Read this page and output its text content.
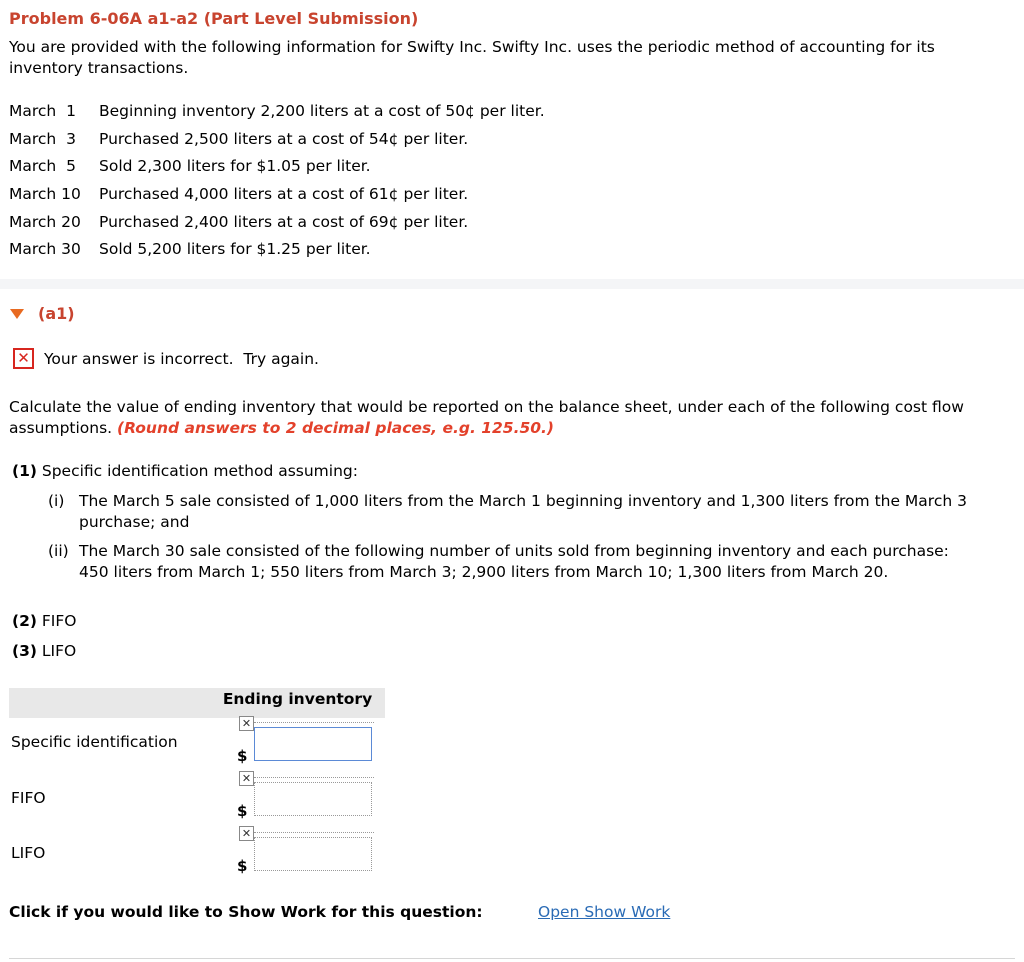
Problem 6-06A a1-a2 (Part Level Submission)
You are provided with the following information for Swifty Inc. Swifty Inc. uses the periodic method of accounting for its inventory transactions.
March  1	Beginning inventory 2,200 liters at a cost of 50¢ per liter.
March  3	Purchased 2,500 liters at a cost of 54¢ per liter.
March  5	Sold 2,300 liters for $1.05 per liter.
March 10	Purchased 4,000 liters at a cost of 61¢ per liter.
March 20	Purchased 2,400 liters at a cost of 69¢ per liter.
March 30	Sold 5,200 liters for $1.25 per liter.
(a1)
✕ Your answer is incorrect.  Try again.
Calculate the value of ending inventory that would be reported on the balance sheet, under each of the following cost flow assumptions. (Round answers to 2 decimal places, e.g. 125.50.)
(1) Specific identification method assuming:
(i) The March 5 sale consisted of 1,000 liters from the March 1 beginning inventory and 1,300 liters from the March 3 purchase; and
(ii) The March 30 sale consisted of the following number of units sold from beginning inventory and each purchase: 450 liters from March 1; 550 liters from March 3; 2,900 liters from March 10; 1,300 liters from March 20.
(2) FIFO
(3) LIFO
Ending inventory
Specific identification
✕
$
FIFO
✕
$
LIFO
✕
$
Click if you would like to Show Work for this question:	Open Show Work
